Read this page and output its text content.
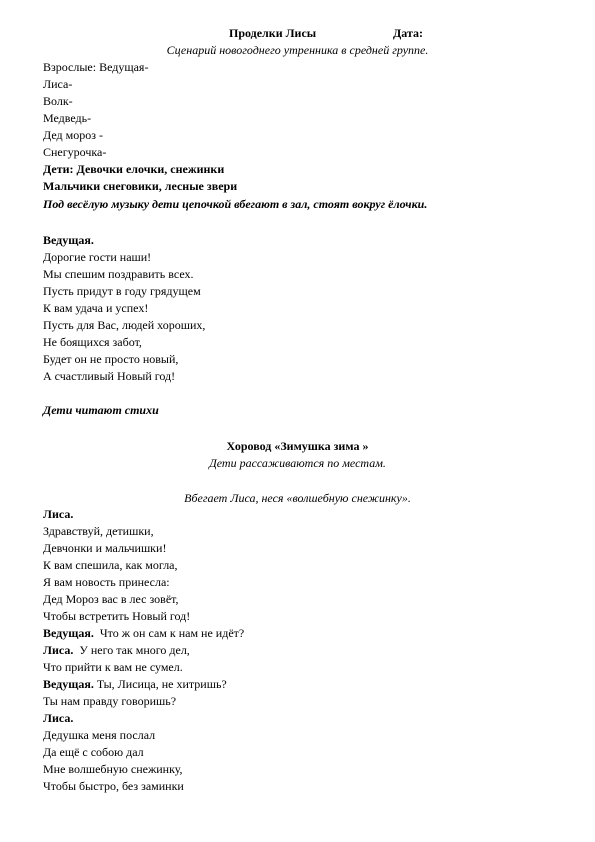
Проделки Лисы	Дата:
Сценарий новогоднего утренника в средней группе.
Взрослые: Ведущая-
Лиса-
Волк-
Медведь-
Дед мороз -
Снегурочка-
Дети: Девочки елочки, снежинки
Мальчики снеговики, лесные звери
Под весёлую музыку дети цепочкой вбегают в зал, стоят вокруг ёлочки.
Ведущая.
Дорогие гости наши!
Мы спешим поздравить всех.
Пусть придут в году грядущем
К вам удача и успех!
Пусть для Вас, людей хороших,
Не боящихся забот,
Будет он не просто новый,
А счастливый Новый год!
Дети читают стихи
Хоровод «Зимушка зима »
Дети рассаживаются по местам.
Вбегает Лиса, неся «волшебную снежинку».
Лиса.
Здравствуй, детишки,
Девчонки и мальчишки!
К вам спешила, как могла,
Я вам новость принесла:
Дед Мороз вас в лес зовёт,
Чтобы встретить Новый год!
Ведущая. Что ж он сам к нам не идёт?
Лиса. У него так много дел,
Что прийти к вам не сумел.
Ведущая. Ты, Лисица, не хитришь?
Ты нам правду говоришь?
Лиса.
Дедушка меня послал
Да ещё с собою дал
Мне волшебную снежинку,
Чтобы быстро, без заминки
